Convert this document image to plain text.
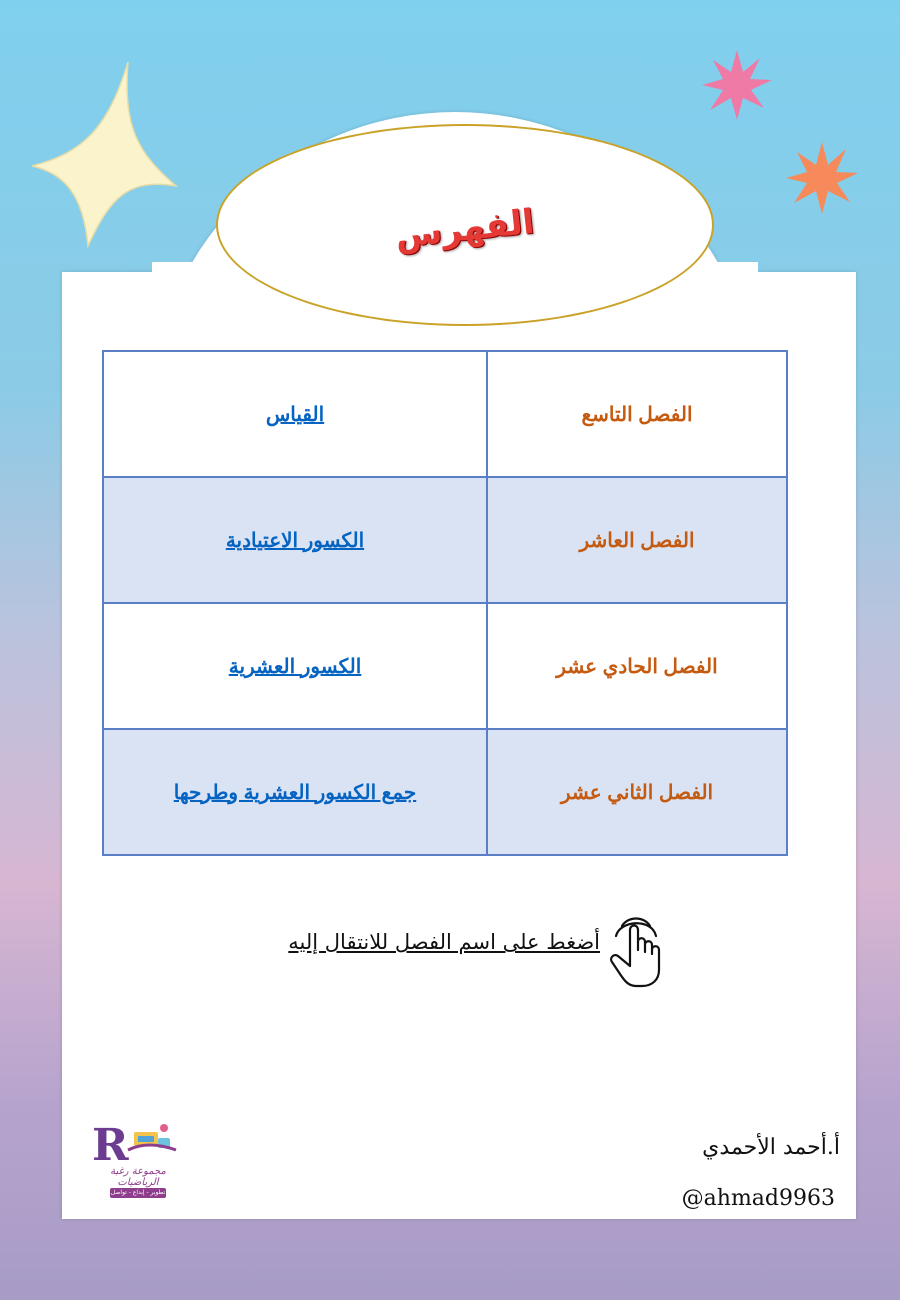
الفهرس
الفصل التاسع	القياس
الفصل العاشر	الكسور الاعتيادية
الفصل الحادي عشر	الكسور العشرية
الفصل الثاني عشر	جمع الكسور العشرية وطرحها
أضغط على اسم الفصل للانتقال إليه
R
مجموعة رغبة الرياضيات
تطوير - إبداع - تواصل
أ.أحمد الأحمدي
@ahmad9963
